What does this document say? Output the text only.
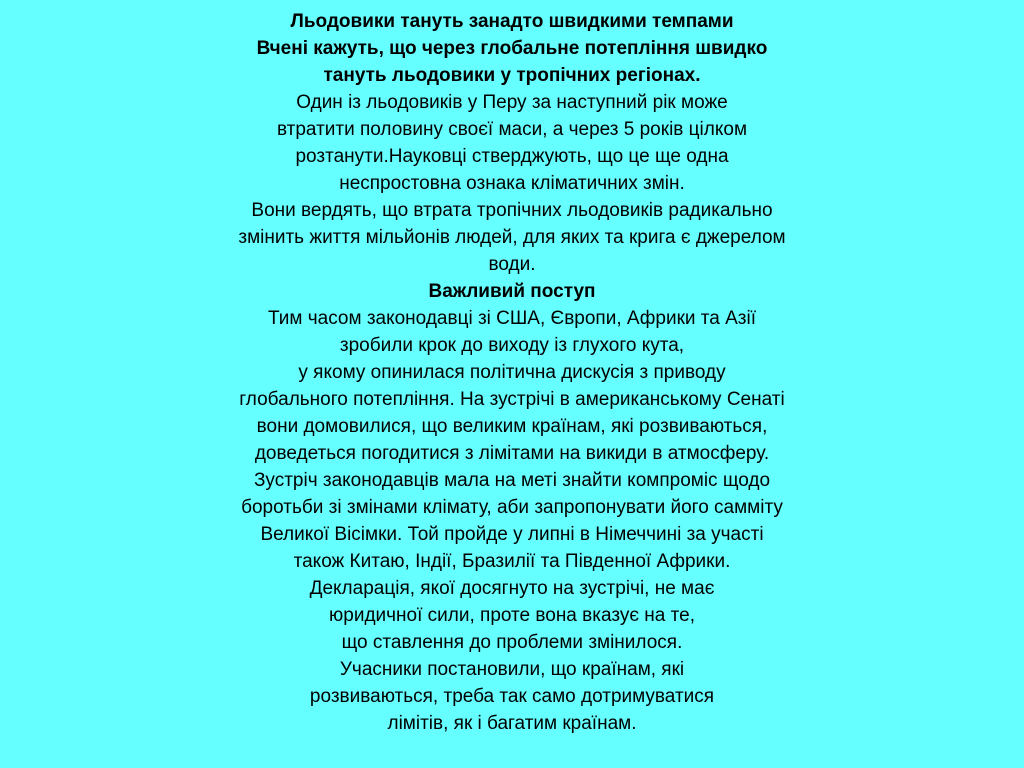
Льодовики тануть занадто швидкими темпами
Вчені кажуть, що через глобальне потепління швидко
тануть льодовики у тропічних регіонах.
Один із льодовиків у Перу за наступний рік може
втратити половину своєї маси, а через 5 років цілком
розтанути.Науковці стверджують, що це ще одна
неспростовна ознака кліматичних змін.
Вони вердять, що втрата тропічних льодовиків радикально
змінить життя мільйонів людей, для яких та крига є джерелом
води.
Важливий поступ
Тим часом законодавці зі США, Європи, Африки та Азії
зробили крок до виходу із глухого кута,
у якому опинилася політична дискусія з приводу
глобального потепління. На зустрічі в американському Сенаті
вони домовилися, що великим країнам, які розвиваються,
доведеться погодитися з лімітами на викиди в атмосферу.
Зустріч законодавців мала на меті знайти компроміс щодо
боротьби зі змінами клімату, аби запропонувати його самміту
Великої Вісімки. Той пройде у липні в Німеччині за участі
також Китаю, Індії, Бразилії та Південної Африки.
Декларація, якої досягнуто на зустрічі, не має
юридичної сили, проте вона вказує на те,
що ставлення до проблеми змінилося.
Учасники постановили, що країнам, які
розвиваються, треба так само дотримуватися
лімітів, як і багатим країнам.
